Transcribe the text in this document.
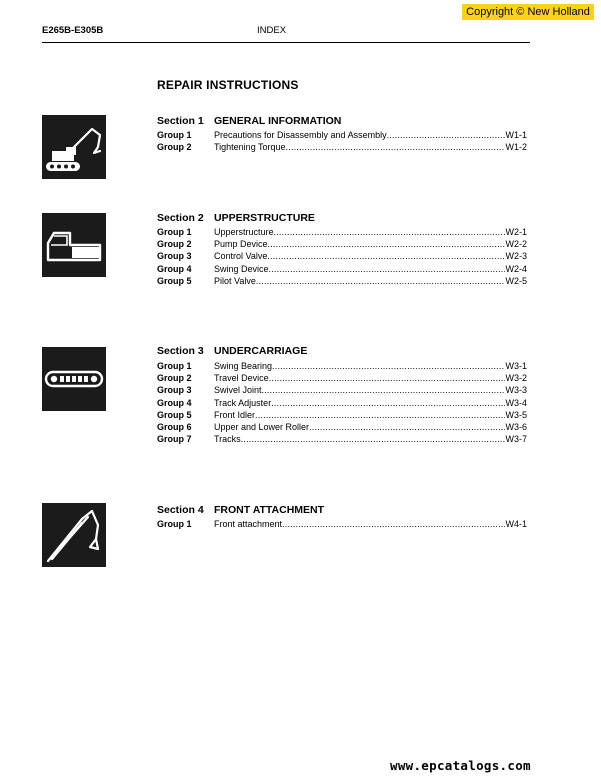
Copyright © New Holland
E265B-E305B	INDEX
REPAIR INSTRUCTIONS
Section 1 GENERAL INFORMATION
Group 1	Precautions for Disassembly and Assembly .....	W1-1
Group 2	Tightening Torque .....	W1-2
Section 2 UPPERSTRUCTURE
Group 1	Upperstructure .....	W2-1
Group 2	Pump Device .....	W2-2
Group 3	Control Valve .....	W2-3
Group 4	Swing Device .....	W2-4
Group 5	Pilot Valve .....	W2-5
Section 3 UNDERCARRIAGE
Group 1	Swing Bearing .....	W3-1
Group 2	Travel Device .....	W3-2
Group 3	Swivel Joint .....	W3-3
Group 4	Track Adjuster .....	W3-4
Group 5	Front Idler .....	W3-5
Group 6	Upper and Lower Roller .....	W3-6
Group 7	Tracks .....	W3-7
Section 4 FRONT ATTACHMENT
Group 1	Front attachment .....	W4-1
www.epcatalogs.com
